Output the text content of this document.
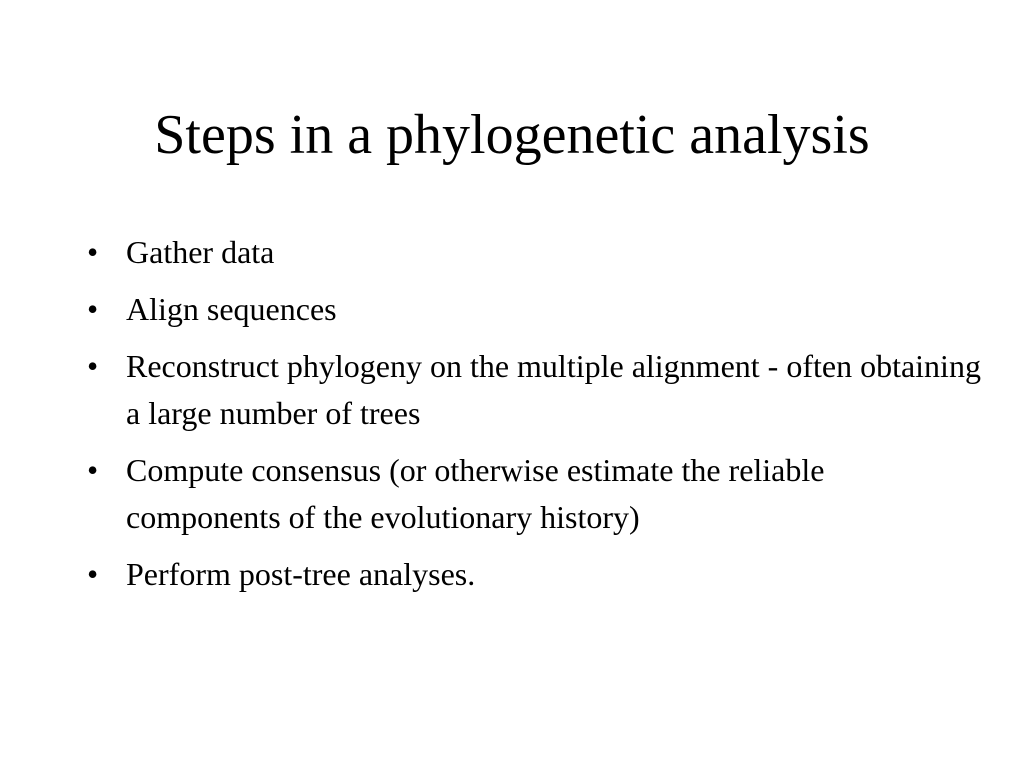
Steps in a phylogenetic analysis
• Gather data
• Align sequences
• Reconstruct phylogeny on the multiple alignment - often obtaining a large number of trees
• Compute consensus (or otherwise estimate the reliable components of the evolutionary history)
• Perform post-tree analyses.
